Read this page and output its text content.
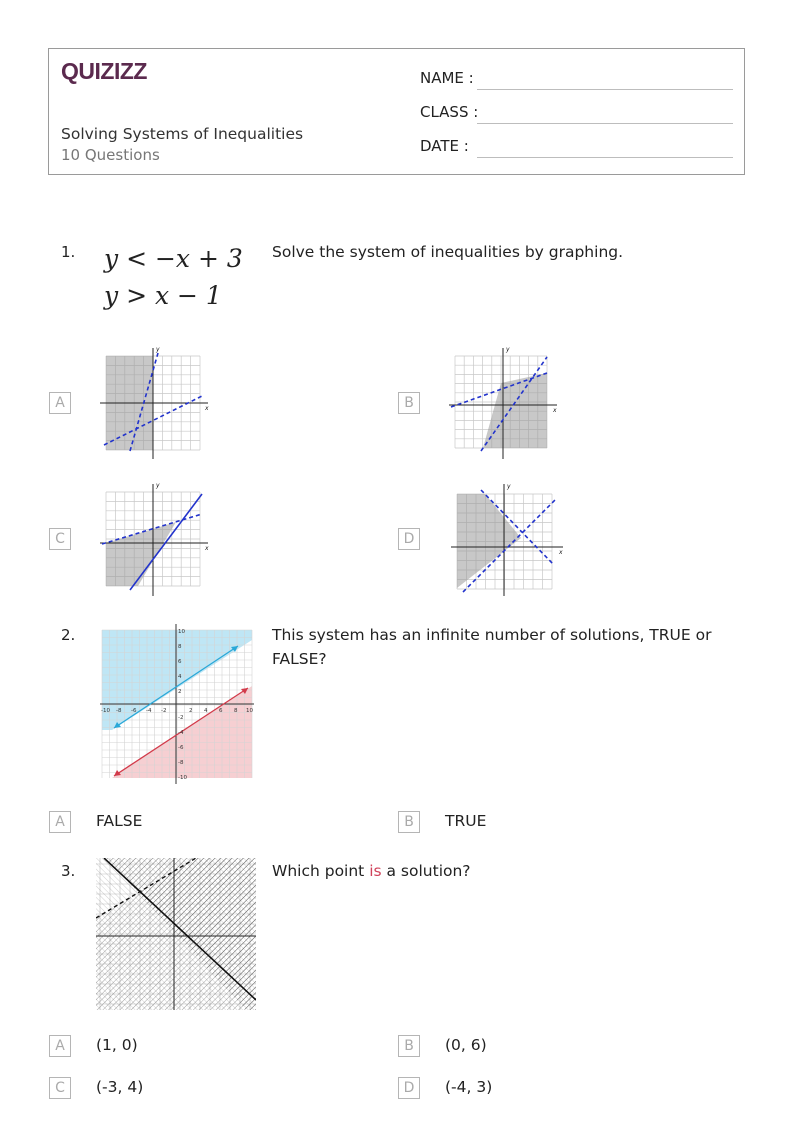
QUIZIZZ
Solving Systems of Inequalities
10 Questions
NAME :
CLASS :
DATE :
1. y < −x + 3
y > x − 1
Solve the system of inequalities by graphing.
A	B
C	D
x
y
x
y
x
y
x
y
2.	This system has an infinite number of solutions, TRUE or FALSE?
10
8
6
4
2
-2
-4
-6
-8
-10
-10 -8 -6 -4 -2	2 4 6 8 10
A	FALSE	B	TRUE
3.	Which point is a solution?
A	(1, 0)	B	(0, 6)
C	(-3, 4)	D	(-4, 3)
